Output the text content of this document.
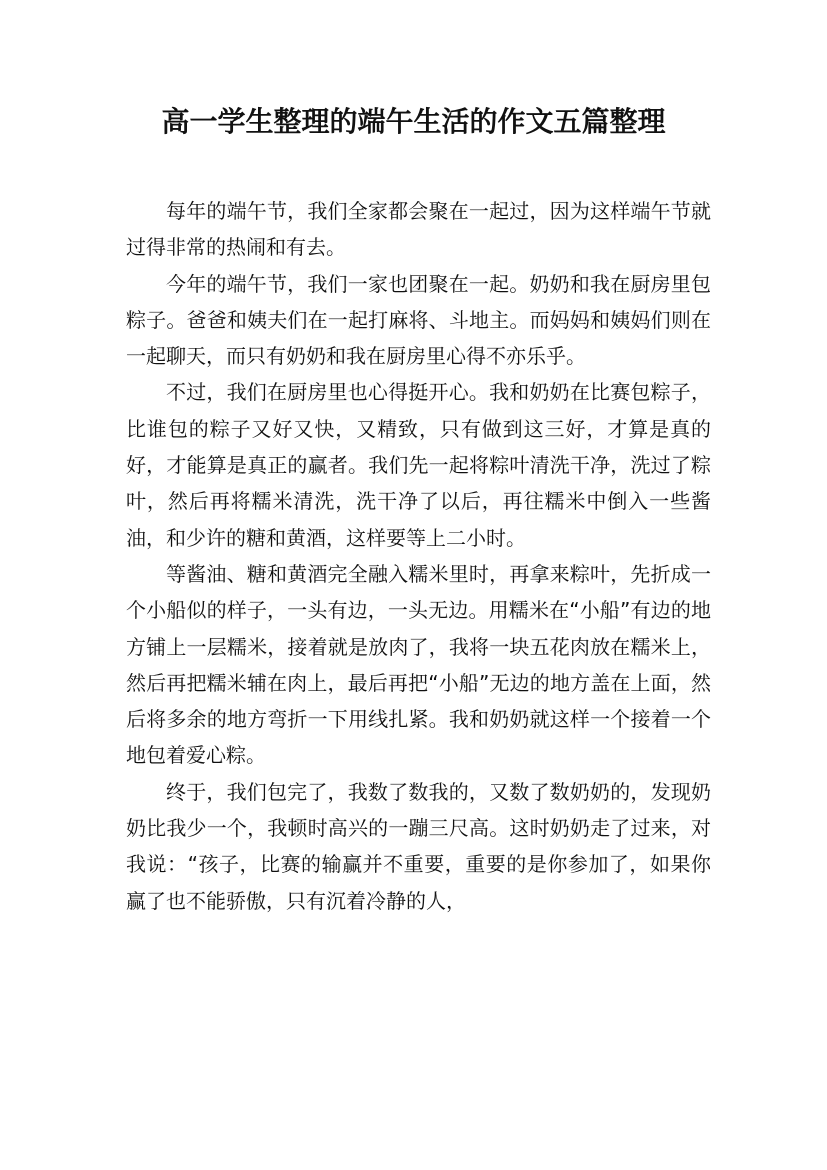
高一学生整理的端午生活的作文五篇整理

每年的端午节，我们全家都会聚在一起过，因为这样端午节就过得非常的热闹和有去。

今年的端午节，我们一家也团聚在一起。奶奶和我在厨房里包粽子。爸爸和姨夫们在一起打麻将、斗地主。而妈妈和姨妈们则在一起聊天，而只有奶奶和我在厨房里心得不亦乐乎。

不过，我们在厨房里也心得挺开心。我和奶奶在比赛包粽子，比谁包的粽子又好又快，又精致，只有做到这三好，才算是真的好，才能算是真正的赢者。我们先一起将粽叶清洗干净，洗过了粽叶，然后再将糯米清洗，洗干净了以后，再往糯米中倒入一些酱油，和少许的糖和黄酒，这样要等上二小时。

等酱油、糖和黄酒完全融入糯米里时，再拿来粽叶，先折成一个小船似的样子，一头有边，一头无边。用糯米在“小船”有边的地方铺上一层糯米，接着就是放肉了，我将一块五花肉放在糯米上，然后再把糯米辅在肉上，最后再把“小船”无边的地方盖在上面，然后将多余的地方弯折一下用线扎紧。我和奶奶就这样一个接着一个地包着爱心粽。

终于，我们包完了，我数了数我的，又数了数奶奶的，发现奶奶比我少一个，我顿时高兴的一蹦三尺高。这时奶奶走了过来，对我说：“孩子，比赛的输赢并不重要，重要的是你参加了，如果你赢了也不能骄傲，只有沉着冷静的人，
